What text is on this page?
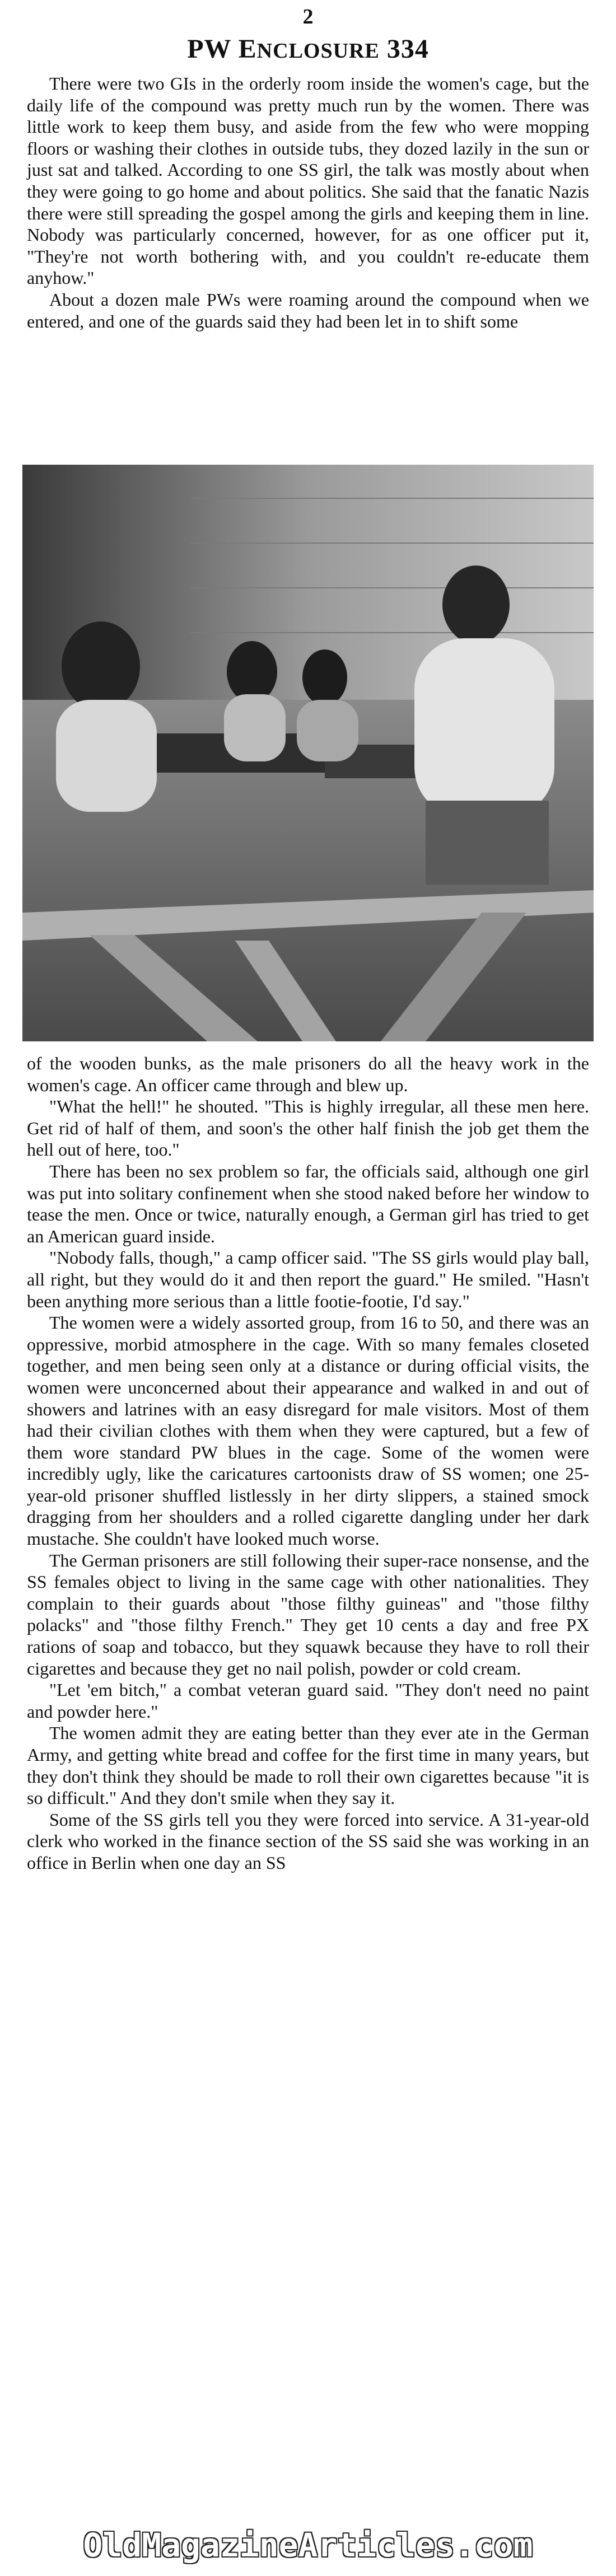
2
PW ENCLOSURE 334

There were two GIs in the orderly room inside the women's cage, but the daily life of the compound was pretty much run by the women. There was little work to keep them busy, and aside from the few who were mopping floors or washing their clothes in outside tubs, they dozed lazily in the sun or just sat and talked. According to one SS girl, the talk was mostly about when they were going to go home and about politics. She said that the fanatic Nazis there were still spreading the gospel among the girls and keeping them in line. Nobody was particularly concerned, however, for as one officer put it, "They're not worth bothering with, and you couldn't re-educate them anyhow."

About a dozen male PWs were roaming around the compound when we entered, and one of the guards said they had been let in to shift some

of the wooden bunks, as the male prisoners do all the heavy work in the women's cage. An officer came through and blew up.

"What the hell!" he shouted. "This is highly irregular, all these men here. Get rid of half of them, and soon's the other half finish the job get them the hell out of here, too."

There has been no sex problem so far, the officials said, although one girl was put into solitary confinement when she stood naked before her window to tease the men. Once or twice, naturally enough, a German girl has tried to get an American guard inside.

"Nobody falls, though," a camp officer said. "The SS girls would play ball, all right, but they would do it and then report the guard." He smiled. "Hasn't been anything more serious than a little footie-footie, I'd say."

The women were a widely assorted group, from 16 to 50, and there was an oppressive, morbid atmosphere in the cage. With so many females closeted together, and men being seen only at a distance or during official visits, the women were unconcerned about their appearance and walked in and out of showers and latrines with an easy disregard for male visitors. Most of them had their civilian clothes with them when they were captured, but a few of them wore standard PW blues in the cage. Some of the women were incredibly ugly, like the caricatures cartoonists draw of SS women; one 25-year-old prisoner shuffled listlessly in her dirty slippers, a stained smock dragging from her shoulders and a rolled cigarette dangling under her dark mustache. She couldn't have looked much worse.

The German prisoners are still following their super-race nonsense, and the SS females object to living in the same cage with other nationalities. They complain to their guards about "those filthy guineas" and "those filthy polacks" and "those filthy French." They get 10 cents a day and free PX rations of soap and tobacco, but they squawk because they have to roll their cigarettes and because they get no nail polish, powder or cold cream.

"Let 'em bitch," a combat veteran guard said. "They don't need no paint and powder here."

The women admit they are eating better than they ever ate in the German Army, and getting white bread and coffee for the first time in many years, but they don't think they should be made to roll their own cigarettes because "it is so difficult." And they don't smile when they say it.

Some of the SS girls tell you they were forced into service. A 31-year-old clerk who worked in the finance section of the SS said she was working in an office in Berlin when one day an SS

OldMagazineArticles.com
